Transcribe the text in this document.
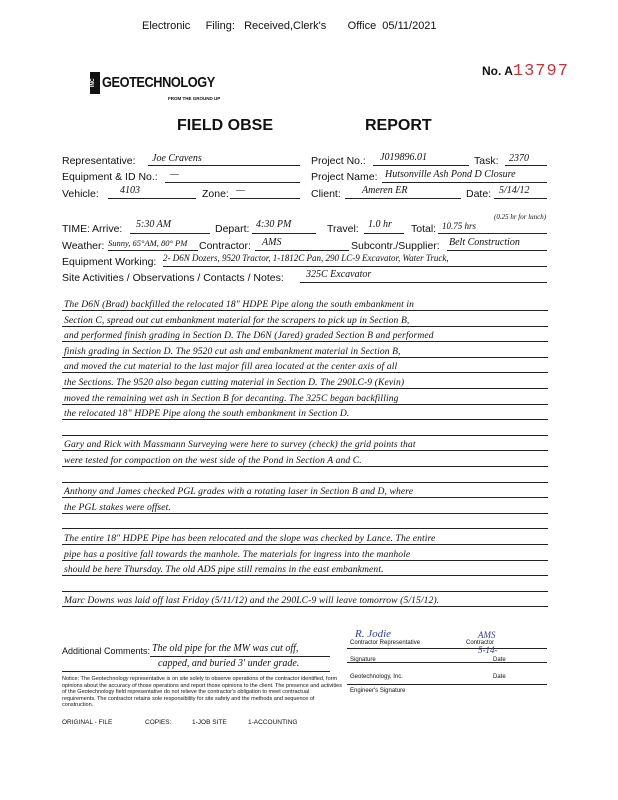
Electronic     Filing:   Received,Clerk's       Office  05/11/2021
INC GEOTECHNOLOGY
FROM THE GROUND UP
No. A13797
FIELD OBSE	REPORT
Representative: Joe Cravens
Equipment & ID No.: —
Vehicle: 4103	Zone: —
Project No.: J019896.01	Task: 2370
Project Name: Hutsonville Ash Pond D Closure
Client: Ameren ER	Date: 5/14/12
TIME: Arrive: 5:30 AM	Depart: 4:30 PM	Travel: 1.0 hr Total: 10.75 hrs
(0.25 hr for lunch)
Weather: Sunny, 65°AM, 80° PM Contractor: AMS	Subcontr./Supplier: Belt Construction
Equipment Working: 2- D6N Dozers, 9520 Tractor, 1-1812C Pan, 290 LC-9 Excavator, Water Truck,
Site Activities / Observations / Contacts / Notes: 325C Excavator
The D6N (Brad) backfilled the relocated 18" HDPE Pipe along the south embankment in
Section C, spread out cut embankment material for the scrapers to pick up in Section B,
and performed finish grading in Section D. The D6N (Jared) graded Section B and performed
finish grading in Section D. The 9520 cut ash and embankment material in Section B,
and moved the cut material to the last major fill area located at the center axis of all
the Sections. The 9520 also began cutting material in Section D. The 290LC-9 (Kevin)
moved the remaining wet ash in Section B for decanting. The 325C began backfilling
the relocated 18" HDPE Pipe along the south embankment in Section D.
Gary and Rick with Massmann Surveying were here to survey (check) the grid points that
were tested for compaction on the west side of the Pond in Section A and C.
Anthony and James checked PGL grades with a rotating laser in Section B and D, where
the PGL stakes were offset.
The entire 18" HDPE Pipe has been relocated and the slope was checked by Lance. The entire
pipe has a positive fall towards the manhole. The materials for ingress into the manhole
should be here Thursday. The old ADS pipe still remains in the east embankment.
Marc Downs was laid off last Friday (5/11/12) and the 290LC-9 will leave tomorrow (5/15/12).
Additional Comments: The old pipe for the MW was cut off,
capped, and buried 3' under grade.
R. Jodie	AMS
Contractor Representative	Contractor
5-14-
Signature	Date
Geotechnology, Inc.	Date
Engineer's Signature
Notice: The Geotechnology representative is on site solely to observe operations of the contractor identified, form opinions about the accuracy of those operations and report those opinions to the client. The presence and activities of the Geotechnology field representative do not relieve the contractor's obligation to meet contractual requirements. The contractor retains sole responsibility for site safety and the methods and sequence of construction.
ORIGINAL - FILE	COPIES:	1-JOB SITE	1-ACCOUNTING
